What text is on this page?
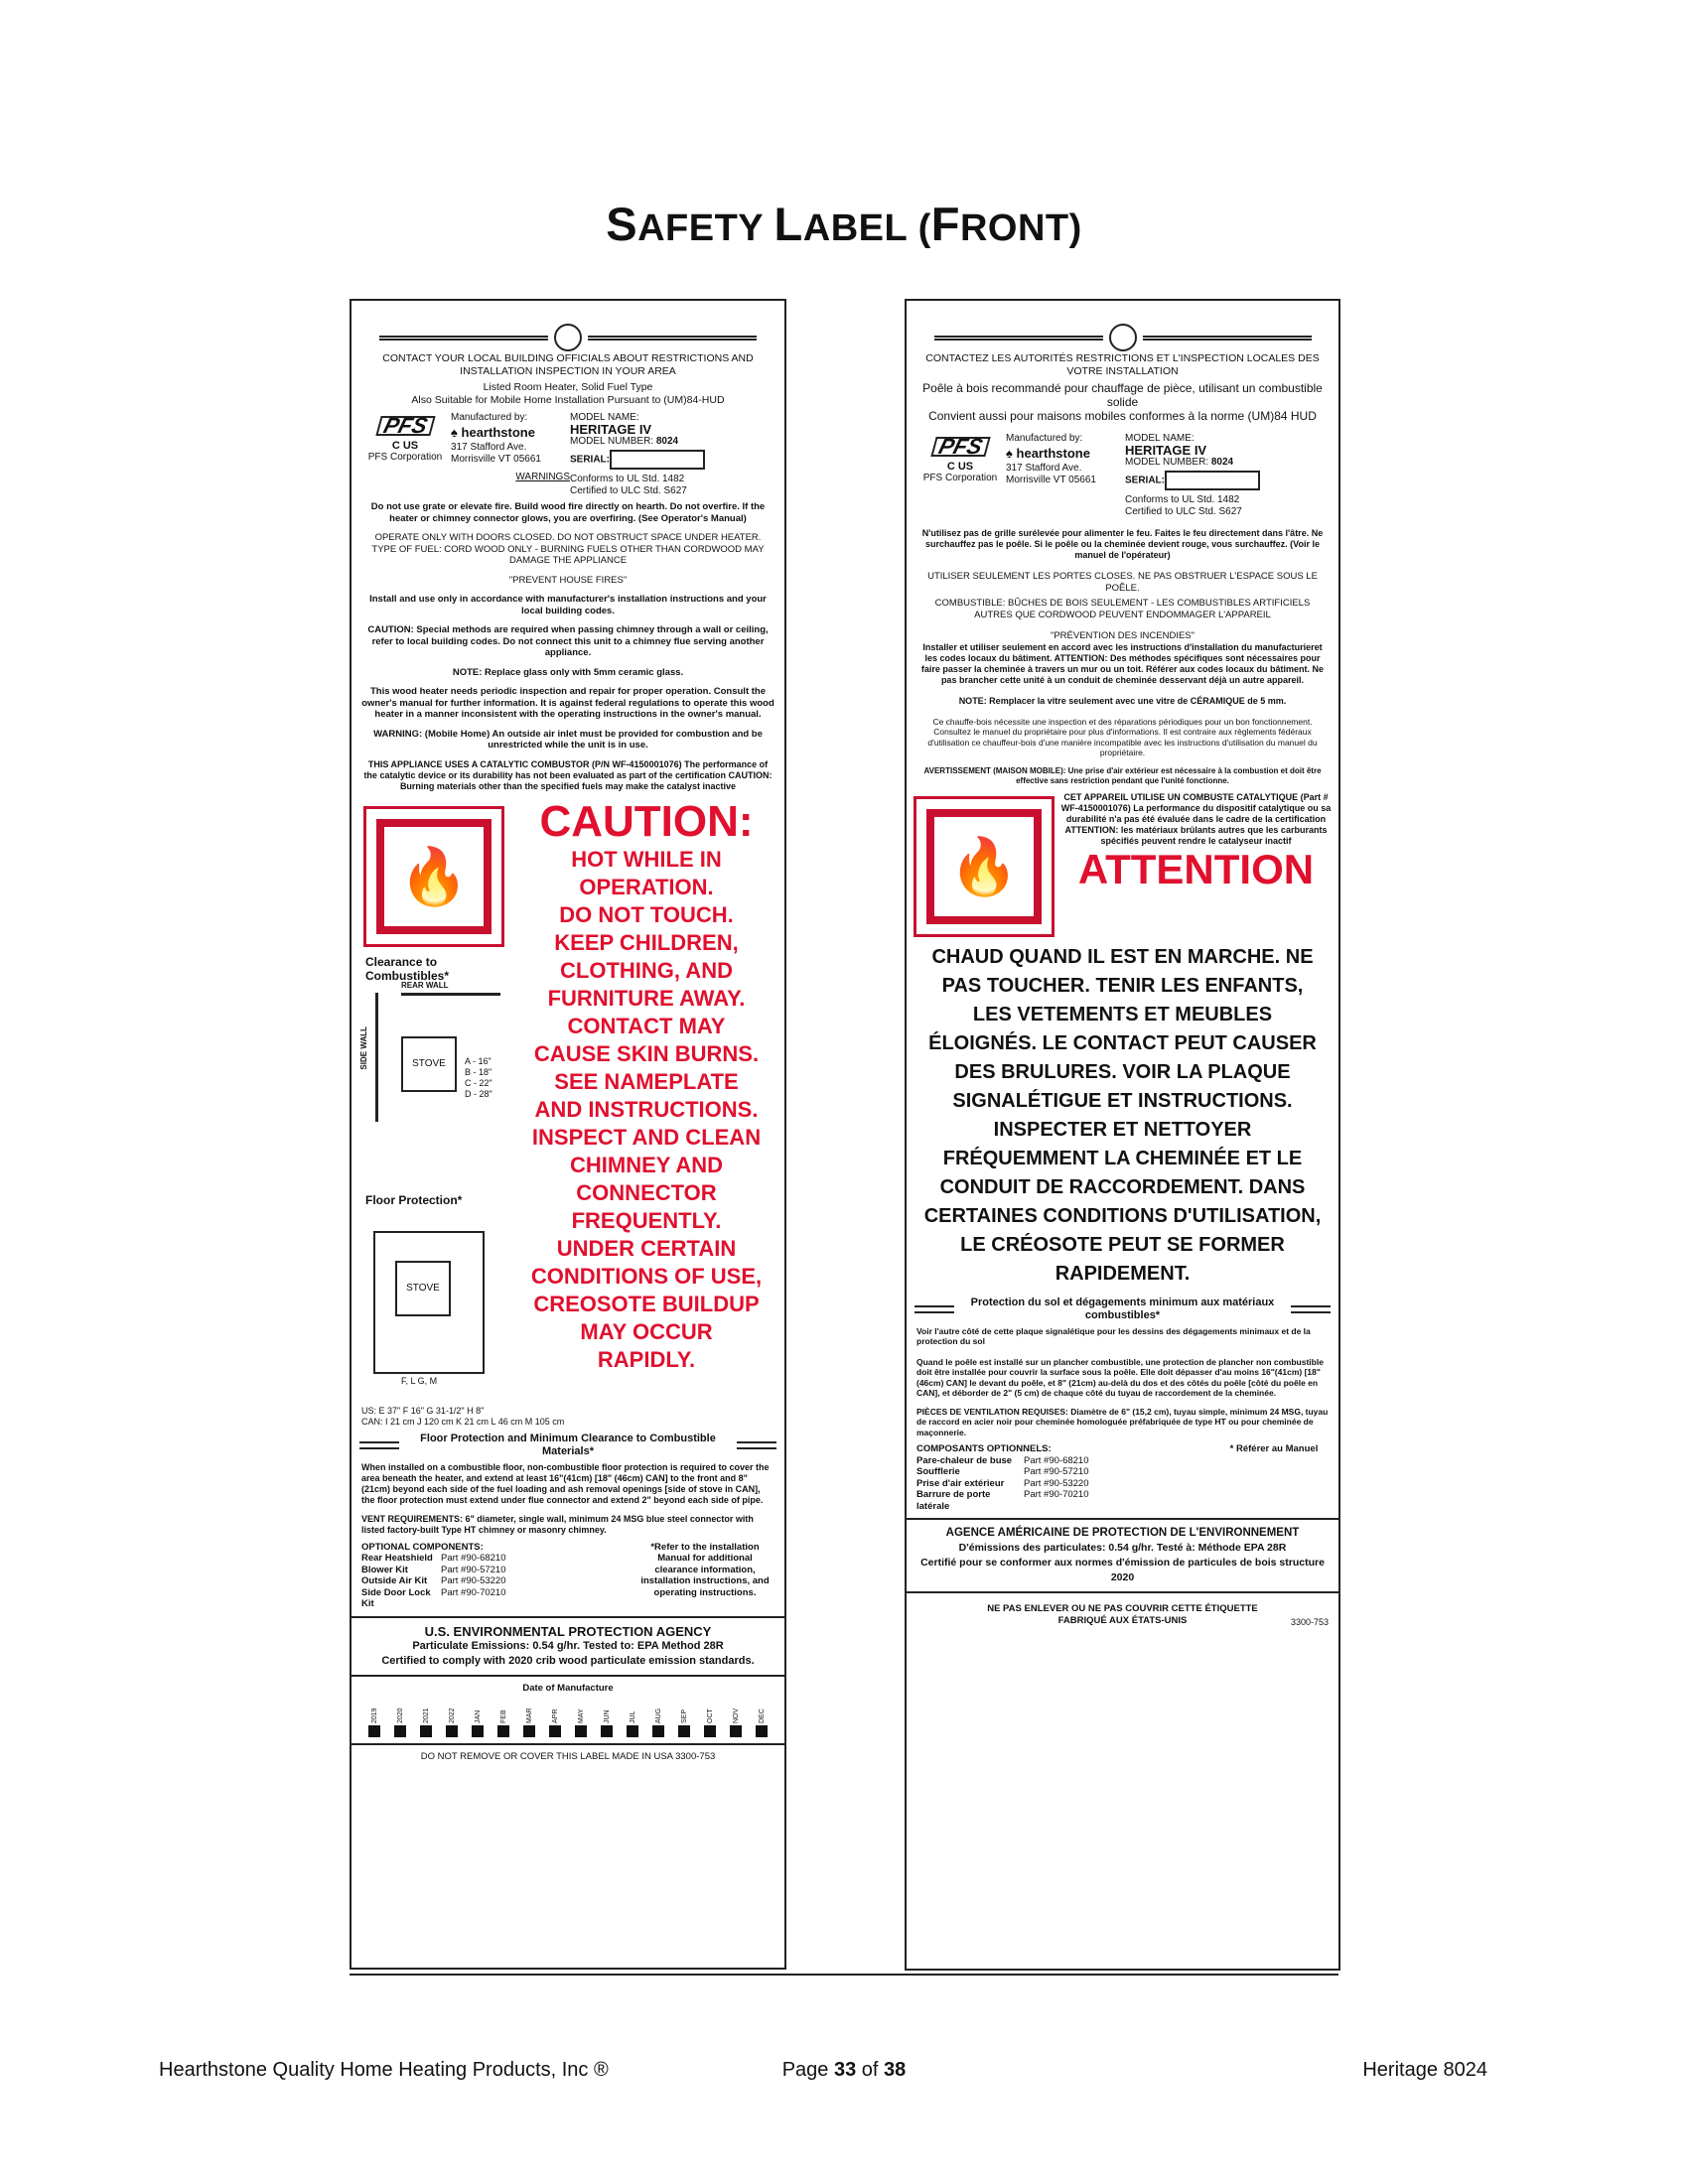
SAFETY LABEL (FRONT)
CONTACT YOUR LOCAL BUILDING OFFICIALS ABOUT RESTRICTIONS AND INSTALLATION INSPECTION IN YOUR AREA
Listed Room Heater, Solid Fuel Type
Also Suitable for Mobile Home Installation Pursuant to (UM)84-HUD
PFS
C US
PFS Corporation
Manufactured by:
♠ hearthstone
317 Stafford Ave.
Morrisville VT 05661
WARNINGS
MODEL NAME:
HERITAGE IV
MODEL NUMBER: 8024
SERIAL:
Conforms to UL Std. 1482
Certified to ULC Std. S627
Do not use grate or elevate fire. Build wood fire directly on hearth. Do not overfire. If the heater or chimney connector glows, you are overfiring. (See Operator's Manual)
OPERATE ONLY WITH DOORS CLOSED. DO NOT OBSTRUCT SPACE UNDER HEATER.
TYPE OF FUEL: CORD WOOD ONLY - BURNING FUELS OTHER THAN CORDWOOD MAY DAMAGE THE APPLIANCE
"PREVENT HOUSE FIRES"
Install and use only in accordance with manufacturer's installation instructions and your local building codes.
CAUTION: Special methods are required when passing chimney through a wall or ceiling, refer to local building codes. Do not connect this unit to a chimney flue serving another appliance.
NOTE: Replace glass only with 5mm ceramic glass.
This wood heater needs periodic inspection and repair for proper operation. Consult the owner's manual for further information. It is against federal regulations to operate this wood heater in a manner inconsistent with the operating instructions in the owner's manual.
WARNING: (Mobile Home) An outside air inlet must be provided for combustion and be unrestricted while the unit is in use.
THIS APPLIANCE USES A CATALYTIC COMBUSTOR (P/N WF-4150001076) The performance of the catalytic device or its durability has not been evaluated as part of the certification CAUTION: Burning materials other than the specified fuels may make the catalyst inactive
🔥
Clearance to Combustibles*
REAR WALL
SIDE WALL	STOVE	A - 16"
B - 18"
C - 22"
D - 28"
Floor Protection*
STOVE
F, L G, M
CAUTION:
HOT WHILE IN
OPERATION.
DO NOT TOUCH.
KEEP CHILDREN,
CLOTHING, AND
FURNITURE AWAY.
CONTACT MAY
CAUSE SKIN BURNS.
SEE NAMEPLATE
AND INSTRUCTIONS.
INSPECT AND CLEAN
CHIMNEY AND
CONNECTOR
FREQUENTLY.
UNDER CERTAIN
CONDITIONS OF USE,
CREOSOTE BUILDUP
MAY OCCUR
RAPIDLY.
US: E 37" F 16" G 31-1/2" H 8"
CAN: I 21 cm J 120 cm K 21 cm L 46 cm M 105 cm
Floor Protection and Minimum Clearance to Combustible Materials*
When installed on a combustible floor, non-combustible floor protection is required to cover the area beneath the heater, and extend at least 16"(41cm) [18" (46cm) CAN] to the front and 8"(21cm) beyond each side of the fuel loading and ash removal openings [side of stove in CAN], the floor protection must extend under flue connector and extend 2" beyond each side of pipe.
VENT REQUIREMENTS: 6" diameter, single wall, minimum 24 MSG blue steel connector with listed factory-built Type HT chimney or masonry chimney.
OPTIONAL COMPONENTS:
Rear Heatshield Part #90-68210
Blower Kit	Part #90-57210
Outside Air Kit	Part #90-53220
Side Door Lock Kit
Part #90-70210
*Refer to the installation Manual for additional clearance information, installation instructions, and operating instructions.
U.S. ENVIRONMENTAL PROTECTION AGENCY
Particulate Emissions: 0.54 g/hr. Tested to: EPA Method 28R
Certified to comply with 2020 crib wood particulate emission standards.
Date of Manufacture
2019	2020	2021	2022	JAN	FEB	MAR	APR	MAY	JUN	JUL	AUG	SEP	OCT	NOV	DEC
DO NOT REMOVE OR COVER THIS LABEL MADE IN USA 3300-753
CONTACTEZ LES AUTORITÉS RESTRICTIONS ET L'INSPECTION LOCALES DES VOTRE INSTALLATION
Poêle à bois recommandé pour chauffage de pièce, utilisant un combustible solide
Convient aussi pour maisons mobiles conformes à la norme (UM)84 HUD
PFS
C US
PFS Corporation
Manufactured by:
♠ hearthstone
317 Stafford Ave.
Morrisville VT 05661
MODEL NAME:
HERITAGE IV
MODEL NUMBER: 8024
SERIAL:
Conforms to UL Std. 1482
Certified to ULC Std. S627
N'utilisez pas de grille surélevée pour alimenter le feu. Faites le feu directement dans l'âtre. Ne surchauffez pas le poêle. Si le poêle ou la cheminée devient rouge, vous surchauffez. (Voir le manuel de l'opérateur)
UTILISER SEULEMENT LES PORTES CLOSES. NE PAS OBSTRUER L'ESPACE SOUS LE POÊLE.
COMBUSTIBLE: BÛCHES DE BOIS SEULEMENT - LES COMBUSTIBLES ARTIFICIELS AUTRES QUE CORDWOOD PEUVENT ENDOMMAGER L'APPAREIL
"PRÉVENTION DES INCENDIES"
Installer et utiliser seulement en accord avec les instructions d'installation du manufacturieret les codes locaux du bâtiment. ATTENTION: Des méthodes spécifiques sont nécessaires pour faire passer la cheminée à travers un mur ou un toit. Référer aux codes locaux du bâtiment. Ne pas brancher cette unité à un conduit de cheminée desservant déjà un autre appareil.
NOTE: Remplacer la vitre seulement avec une vitre de CÉRAMIQUE de 5 mm.
Ce chauffe-bois nécessite une inspection et des réparations périodiques pour un bon fonctionnement. Consultez le manuel du propriétaire pour plus d'informations. Il est contraire aux règlements fédéraux d'utilisation ce chauffeur-bois d'une manière incompatible avec les instructions d'utilisation du manuel du propriétaire.
AVERTISSEMENT (MAISON MOBILE): Une prise d'air extérieur est nécessaire à la combustion et doit être effective sans restriction pendant que l'unité fonctionne.
🔥
CET APPAREIL UTILISE UN COMBUSTE CATALYTIQUE (Part # WF-4150001076) La performance du dispositif catalytique ou sa durabilité n'a pas été évaluée dans le cadre de la certification ATTENTION: les matériaux brûlants autres que les carburants spécifiés peuvent rendre le catalyseur inactif
ATTENTION
CHAUD QUAND IL EST EN MARCHE. NE
PAS TOUCHER. TENIR LES ENFANTS,
LES VETEMENTS ET MEUBLES
ÉLOIGNÉS. LE CONTACT PEUT CAUSER
DES BRULURES. VOIR LA PLAQUE
SIGNALÉTIGUE ET INSTRUCTIONS.
INSPECTER ET NETTOYER
FRÉQUEMMENT LA CHEMINÉE ET LE
CONDUIT DE RACCORDEMENT. DANS
CERTAINES CONDITIONS D'UTILISATION,
LE CRÉOSOTE PEUT SE FORMER
RAPIDEMENT.
Protection du sol et dégagements minimum aux matériaux combustibles*
Voir l'autre côté de cette plaque signalétique pour les dessins des dégagements minimaux et de la protection du sol
Quand le poêle est installé sur un plancher combustible, une protection de plancher non combustible doit être installée pour couvrir la surface sous la poêle. Elle doit dépasser d'au moins 16"(41cm) [18"(46cm) CAN] le devant du poêle, et 8" (21cm) au-delà du dos et des côtés du poêle [côté du poêle en CAN], et déborder de 2" (5 cm) de chaque côté du tuyau de raccordement de la cheminée.
PIÈCES DE VENTILATION REQUISES: Diamètre de 6" (15,2 cm), tuyau simple, minimum 24 MSG, tuyau de raccord en acier noir pour cheminée homologuée préfabriquée de type HT ou pour cheminée de maçonnerie.
COMPOSANTS OPTIONNELS:
Pare-chaleur de buse	Part #90-68210
Soufflerie	Part #90-57210
Prise d'air extérieur	Part #90-53220
Barrure de porte latérale
Part #90-70210
* Référer au Manuel
AGENCE AMÉRICAINE DE PROTECTION DE L'ENVIRONNEMENT
D'émissions des particulates: 0.54 g/hr. Testé à: Méthode EPA 28R
Certifié pour se conformer aux normes d'émission de particules de bois structure 2020
NE PAS ENLEVER OU NE PAS COUVRIR CETTE ÉTIQUETTE
FABRIQUÉ AUX ÉTATS-UNIS	3300-753
Hearthstone Quality Home Heating Products, Inc ®	Page 33 of 38	Heritage 8024
